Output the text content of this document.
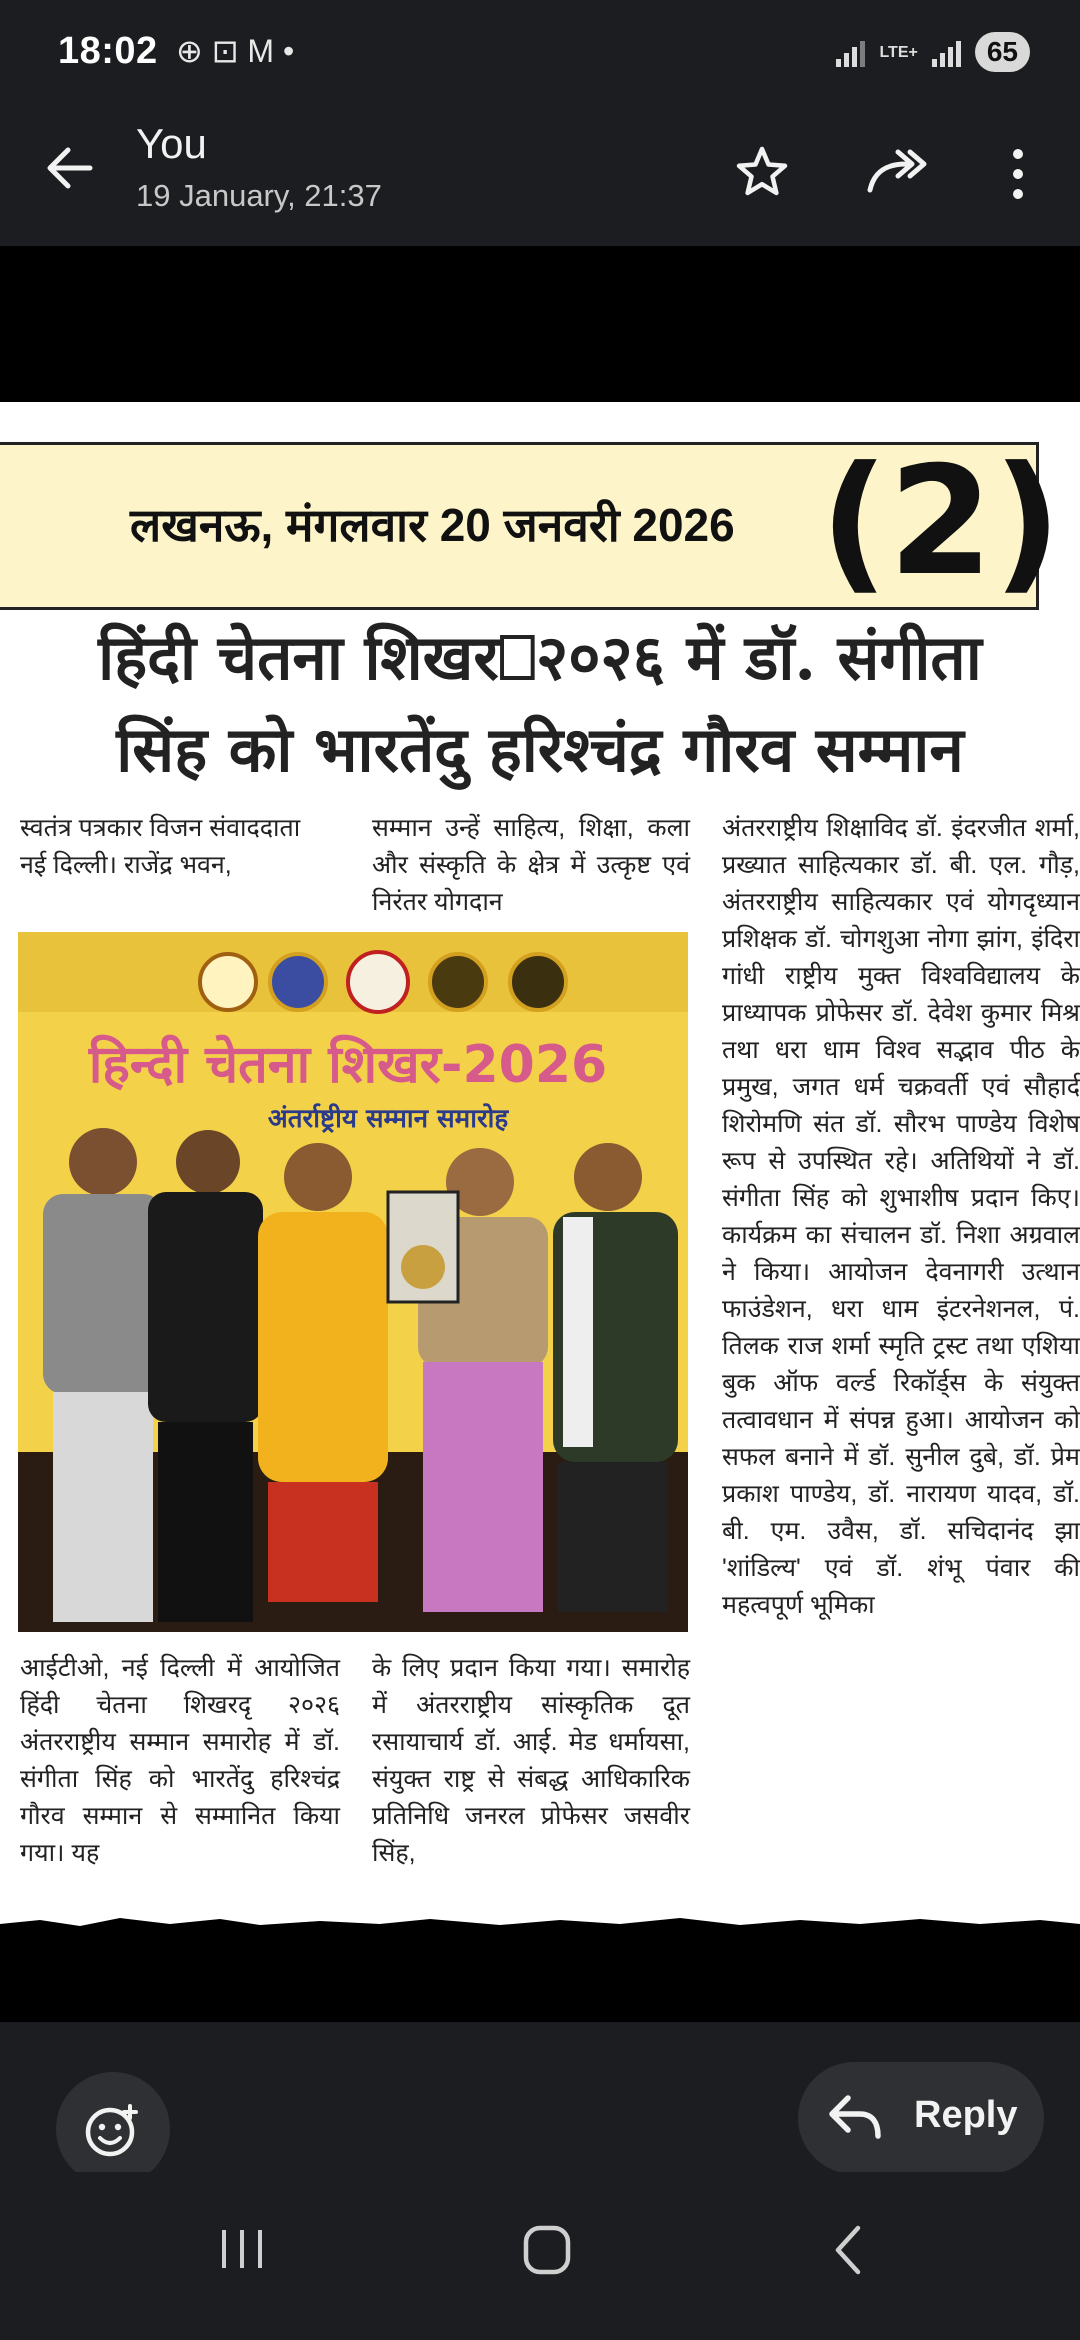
18:02 ⊕ ⊡ M •	LTE+	65
You
19 January, 21:37
लखनऊ, मंगलवार 20 जनवरी 2026 (2)
हिंदी चेतना शिखर⎕२०२६ में डॉ. संगीता
सिंह को भारतेंदु हरिश्चंद्र गौरव सम्मान
स्वतंत्र पत्रकार विजन संवाददाता
नई दिल्ली। राजेंद्र भवन,
सम्मान उन्हें साहित्य, शिक्षा, कला और संस्कृति के क्षेत्र में उत्कृष्ट एवं निरंतर योगदान
अंतरराष्ट्रीय शिक्षाविद डॉ. इंदरजीत शर्मा, प्रख्यात साहित्यकार डॉ. बी. एल. गौड़, अंतरराष्ट्रीय साहित्यकार एवं योगदृध्यान प्रशिक्षक डॉ. चोगशुआ नोगा झांग, इंदिरा गांधी राष्ट्रीय मुक्त विश्वविद्यालय के प्राध्यापक प्रोफेसर डॉ. देवेश कुमार मिश्र तथा धरा धाम विश्व सद्भाव पीठ के प्रमुख, जगत धर्म चक्रवर्ती एवं सौहार्द शिरोमणि संत डॉ. सौरभ पाण्डेय विशेष रूप से उपस्थित रहे। अतिथियों ने डॉ. संगीता सिंह को शुभाशीष प्रदान किए। कार्यक्रम का संचालन डॉ. निशा अग्रवाल ने किया। आयोजन देवनागरी उत्थान फाउंडेशन, धरा धाम इंटरनेशनल, पं. तिलक राज शर्मा स्मृति ट्रस्ट तथा एशिया बुक ऑफ वर्ल्ड रिकॉर्ड्स के संयुक्त तत्वावधान में संपन्न हुआ। आयोजन को सफल बनाने में डॉ. सुनील दुबे, डॉ. प्रेम प्रकाश पाण्डेय, डॉ. नारायण यादव, डॉ. बी. एम. उवैस, डॉ. सचिदानंद झा 'शांडिल्य' एवं डॉ. शंभू पंवार की महत्वपूर्ण भूमिका
हिन्दी चेतना शिखर-2026
अंतर्राष्ट्रीय सम्मान समारोह
आईटीओ, नई दिल्ली में आयोजित हिंदी चेतना शिखरदृ २०२६ अंतरराष्ट्रीय सम्मान समारोह में डॉ. संगीता सिंह को भारतेंदु हरिश्चंद्र गौरव सम्मान से सम्मानित किया गया। यह
के लिए प्रदान किया गया। समारोह में अंतरराष्ट्रीय सांस्कृतिक दूत रसायाचार्य डॉ. आई. मेड धर्मायसा, संयुक्त राष्ट्र से संबद्ध आधिकारिक प्रतिनिधि जनरल प्रोफेसर जसवीर सिंह,
Reply
